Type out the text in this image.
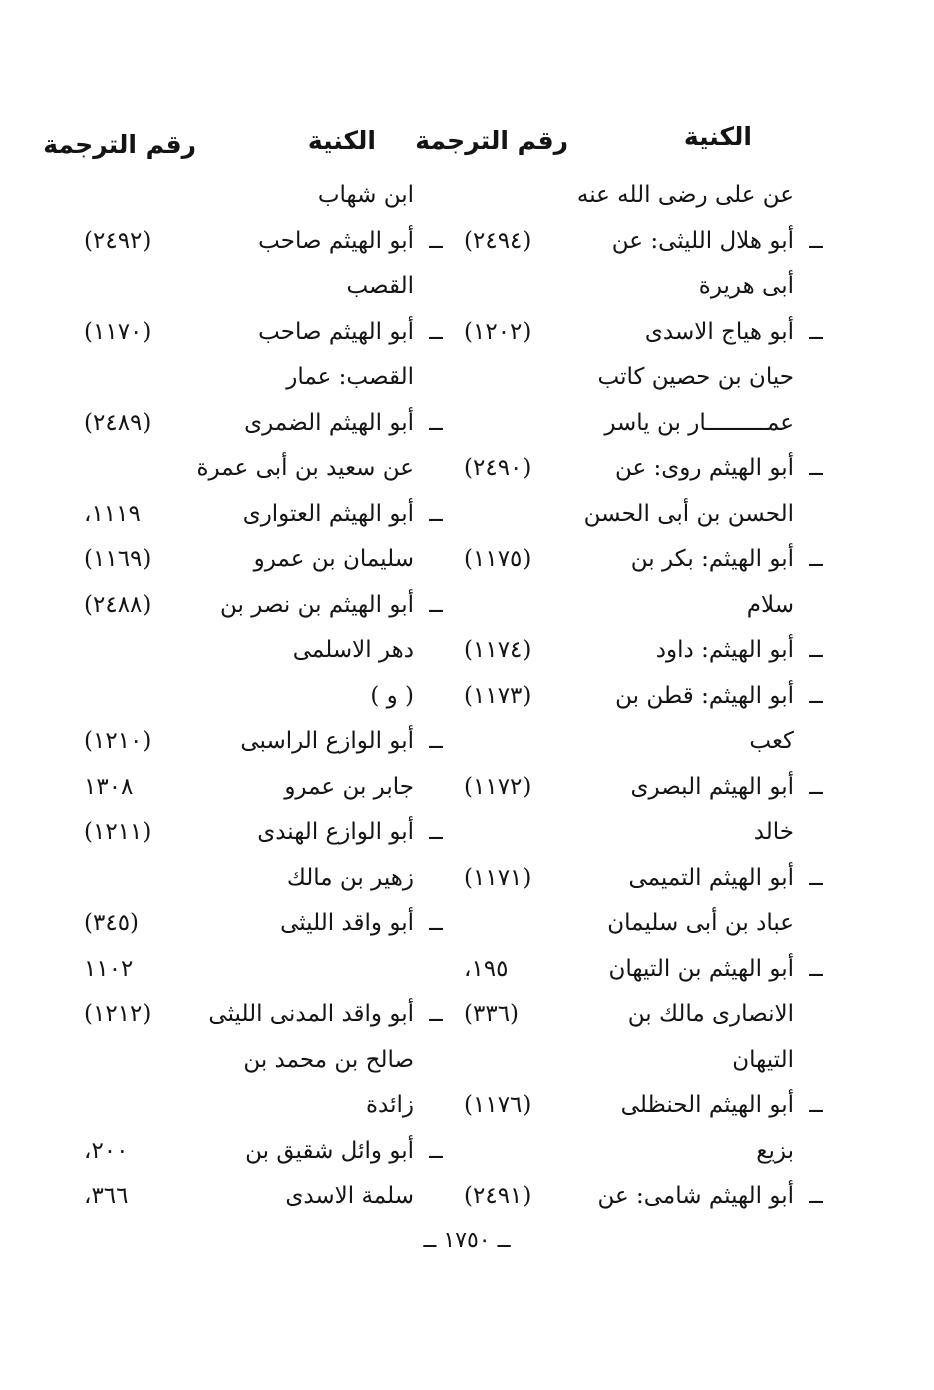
الكنية
رقم الترجمة
الكنية
رقم الترجمة
عن على رضى الله عنه
ــ
أبو هلال الليثى: عن
(٢٤٩٤)
أبى هريرة
ــ
أبو هياج الاسدى
(١٢٠٢)
حيان بن حصين كاتب
عمـــــــــار بن ياسر
ــ
أبو الهيثم روى: عن
(٢٤٩٠)
الحسن بن أبى الحسن
ــ
أبو الهيثم: بكر بن
(١١٧٥)
سلام
ــ
أبو الهيثم: داود
(١١٧٤)
ــ
أبو الهيثم: قطن بن
(١١٧٣)
كعب
ــ
أبو الهيثم البصرى
(١١٧٢)
خالد
ــ
أبو الهيثم التميمى
(١١٧١)
عباد بن أبى سليمان
ــ
أبو الهيثم بن التيهان
١٩٥،
الانصارى مالك بن
(٣٣٦)
التيهان
ــ
أبو الهيثم الحنظلى
(١١٧٦)
بزيع
ــ
أبو الهيثم شامى: عن
(٢٤٩١)
ابن شهاب
ــ
أبو الهيثم صاحب
(٢٤٩٢)
القصب
ــ
أبو الهيثم صاحب
(١١٧٠)
القصب: عمار
ــ
أبو الهيثم الضمرى
(٢٤٨٩)
عن سعيد بن أبى عمرة
ــ
أبو الهيثم العتوارى
١١١٩،
سليمان بن عمرو
(١١٦٩)
ــ
أبو الهيثم بن نصر بن
(٢٤٨٨)
دهر الاسلمى
( و )
ــ
أبو الوازع الراسبى
(١٢١٠)
جابر بن عمرو
١٣٠٨
ــ
أبو الوازع الهندى
(١٢١١)
زهير بن مالك
ــ
أبو واقد الليثى
(٣٤٥)
١١٠٢
ــ
أبو واقد المدنى الليثى
(١٢١٢)
صالح بن محمد بن
زائدة
ــ
أبو وائل شقيق بن
٢٠٠،
سلمة الاسدى
٣٦٦،
ــ ١٧٥٠ ــ
